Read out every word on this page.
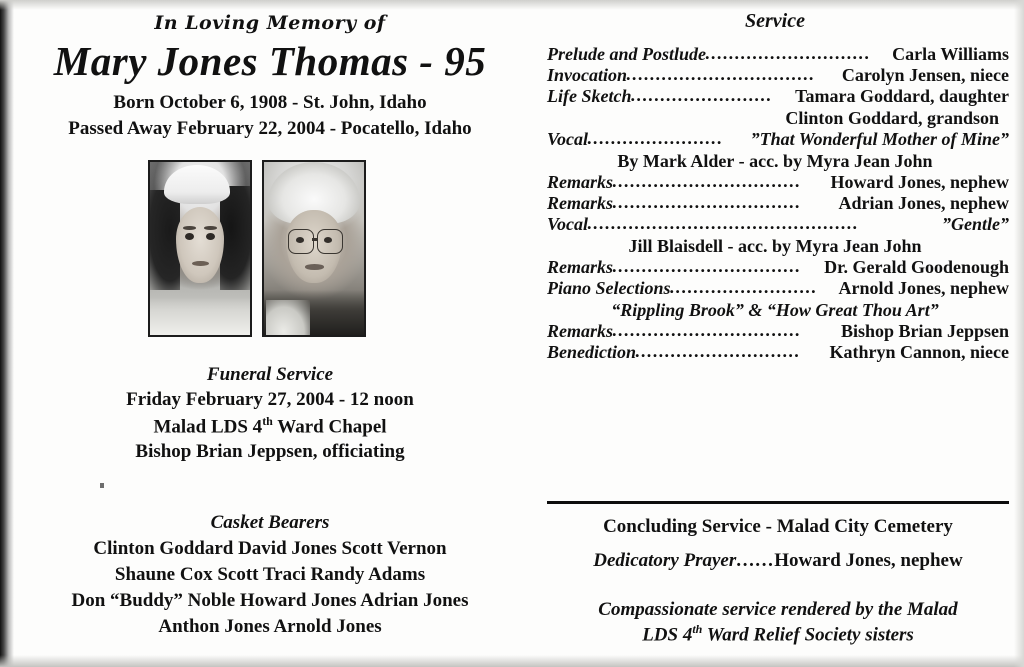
In Loving Memory of
Mary Jones Thomas - 95
Born October 6, 1908 - St. John, Idaho
Passed Away February 22, 2004 - Pocatello, Idaho
Funeral Service
Friday February 27, 2004 - 12 noon
Malad LDS 4th Ward Chapel
Bishop Brian Jeppsen, officiating
Casket Bearers
Clinton Goddard David Jones Scott Vernon
Shaune Cox Scott Traci Randy Adams
Don “Buddy” Noble Howard Jones Adrian Jones
Anthon Jones Arnold Jones
Service
Prelude and Postlude ............................	Carla Williams
Invocation ................................	Carolyn Jensen, niece
Life Sketch ........................	Tamara Goddard, daughter
Clinton Goddard, grandson
Vocal .......................	”That Wonderful Mother of Mine”
By Mark Alder - acc. by Myra Jean John
Remarks ................................	Howard Jones, nephew
Remarks ................................	Adrian Jones, nephew
Vocal ..............................................	”Gentle”
Jill Blaisdell - acc. by Myra Jean John
Remarks ................................	Dr. Gerald Goodenough
Piano Selections .........................	Arnold Jones, nephew
“Rippling Brook” & “How Great Thou Art”
Remarks ................................	Bishop Brian Jeppsen
Benediction ............................	Kathryn Cannon, niece
Concluding Service - Malad City Cemetery
Dedicatory Prayer……Howard Jones, nephew
Compassionate service rendered by the Malad
LDS 4th Ward Relief Society sisters
